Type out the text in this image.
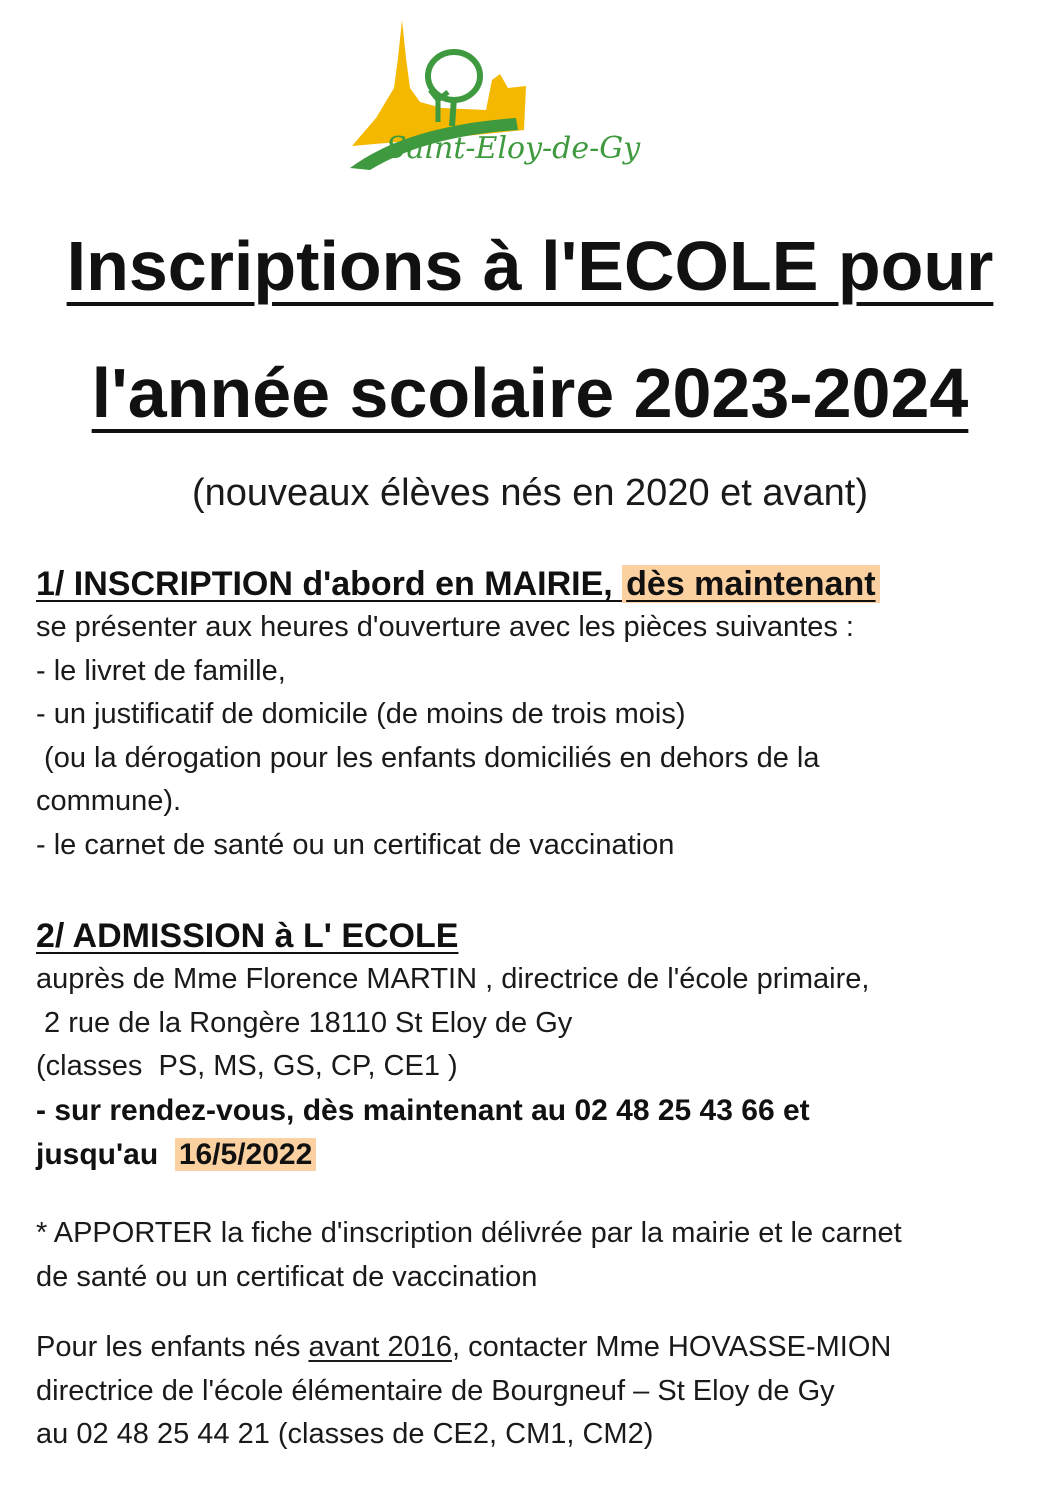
Saint-Eloy-de-Gy
Inscriptions à l'ECOLE pour
l'année scolaire 2023-2024
(nouveaux élèves nés en 2020 et avant)
1/ INSCRIPTION d'abord en MAIRIE, dès maintenant
se présenter aux heures d'ouverture avec les pièces suivantes :
- le livret de famille,
- un justificatif de domicile (de moins de trois mois)
(ou la dérogation pour les enfants domiciliés en dehors de la
commune).
- le carnet de santé ou un certificat de vaccination
2/ ADMISSION à L' ECOLE
auprès de Mme Florence MARTIN , directrice de l'école primaire,
2 rue de la Rongère 18110 St Eloy de Gy
(classes  PS, MS, GS, CP, CE1 )
- sur rendez-vous, dès maintenant au 02 48 25 43 66 et
jusqu'au  16/5/2022
* APPORTER la fiche d'inscription délivrée par la mairie et le carnet
de santé ou un certificat de vaccination
Pour les enfants nés avant 2016, contacter Mme HOVASSE-MION
directrice de l'école élémentaire de Bourgneuf – St Eloy de Gy
au 02 48 25 44 21 (classes de CE2, CM1, CM2)
